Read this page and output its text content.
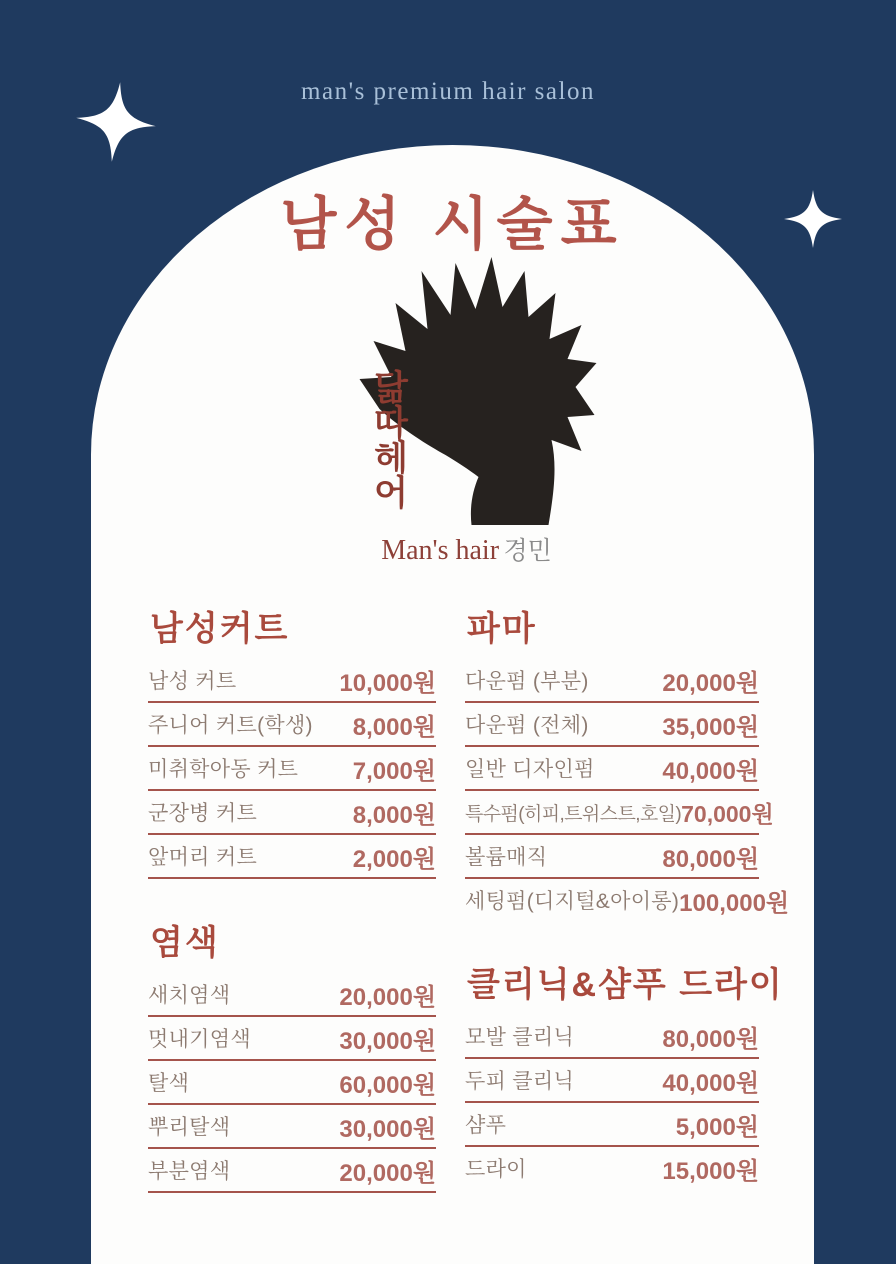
man's premium hair salon
남성 시술표
닮따헤어
Man's hair 경민
남성커트
남성 커트	10,000원
주니어 커트(학생) 8,000원
미취학아동 커트 7,000원
군장병 커트	8,000원
앞머리 커트	2,000원
염색
새치염색	20,000원
멋내기염색	30,000원
탈색	60,000원
뿌리탈색	30,000원
부분염색	20,000원
파마
다운펌 (부분)	20,000원
다운펌 (전체)	35,000원
일반 디자인펌	40,000원
특수펌(히피,트위스트,호일) 70,000원
볼륨매직	80,000원
세팅펌(디지털&아이롱) 100,000원
클리닉&샴푸 드라이
모발 클리닉	80,000원
두피 클리닉	40,000원
샴푸	5,000원
드라이	15,000원
